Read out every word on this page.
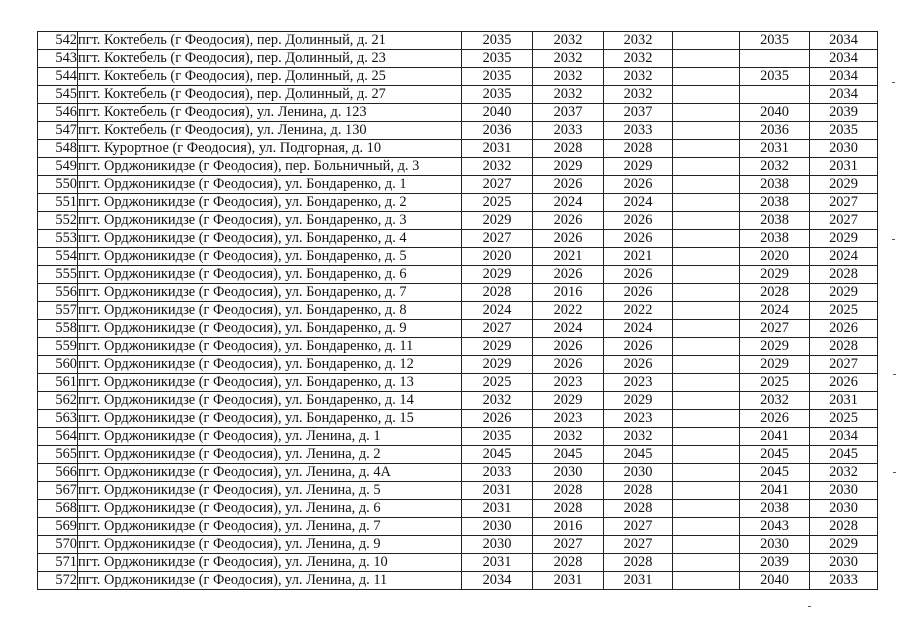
542	пгт. Коктебель (г Феодосия), пер. Долинный, д. 21	2035	2032	2032		2035	2034
543	пгт. Коктебель (г Феодосия), пер. Долинный, д. 23	2035	2032	2032			2034
544	пгт. Коктебель (г Феодосия), пер. Долинный, д. 25	2035	2032	2032		2035	2034
545	пгт. Коктебель (г Феодосия), пер. Долинный, д. 27	2035	2032	2032			2034
546	пгт. Коктебель (г Феодосия), ул. Ленина, д. 123	2040	2037	2037		2040	2039
547	пгт. Коктебель (г Феодосия), ул. Ленина, д. 130	2036	2033	2033		2036	2035
548	пгт. Курортное (г Феодосия), ул. Подгорная, д. 10	2031	2028	2028		2031	2030
549	пгт. Орджоникидзе (г Феодосия), пер. Больничный, д. 3	2032	2029	2029		2032	2031
550	пгт. Орджоникидзе (г Феодосия), ул. Бондаренко, д. 1	2027	2026	2026		2038	2029
551	пгт. Орджоникидзе (г Феодосия), ул. Бондаренко, д. 2	2025	2024	2024		2038	2027
552	пгт. Орджоникидзе (г Феодосия), ул. Бондаренко, д. 3	2029	2026	2026		2038	2027
553	пгт. Орджоникидзе (г Феодосия), ул. Бондаренко, д. 4	2027	2026	2026		2038	2029
554	пгт. Орджоникидзе (г Феодосия), ул. Бондаренко, д. 5	2020	2021	2021		2020	2024
555	пгт. Орджоникидзе (г Феодосия), ул. Бондаренко, д. 6	2029	2026	2026		2029	2028
556	пгт. Орджоникидзе (г Феодосия), ул. Бондаренко, д. 7	2028	2016	2026		2028	2029
557	пгт. Орджоникидзе (г Феодосия), ул. Бондаренко, д. 8	2024	2022	2022		2024	2025
558	пгт. Орджоникидзе (г Феодосия), ул. Бондаренко, д. 9	2027	2024	2024		2027	2026
559	пгт. Орджоникидзе (г Феодосия), ул. Бондаренко, д. 11	2029	2026	2026		2029	2028
560	пгт. Орджоникидзе (г Феодосия), ул. Бондаренко, д. 12	2029	2026	2026		2029	2027
561	пгт. Орджоникидзе (г Феодосия), ул. Бондаренко, д. 13	2025	2023	2023		2025	2026
562	пгт. Орджоникидзе (г Феодосия), ул. Бондаренко, д. 14	2032	2029	2029		2032	2031
563	пгт. Орджоникидзе (г Феодосия), ул. Бондаренко, д. 15	2026	2023	2023		2026	2025
564	пгт. Орджоникидзе (г Феодосия), ул. Ленина, д. 1	2035	2032	2032		2041	2034
565	пгт. Орджоникидзе (г Феодосия), ул. Ленина, д. 2	2045	2045	2045		2045	2045
566	пгт. Орджоникидзе (г Феодосия), ул. Ленина, д. 4А	2033	2030	2030		2045	2032
567	пгт. Орджоникидзе (г Феодосия), ул. Ленина, д. 5	2031	2028	2028		2041	2030
568	пгт. Орджоникидзе (г Феодосия), ул. Ленина, д. 6	2031	2028	2028		2038	2030
569	пгт. Орджоникидзе (г Феодосия), ул. Ленина, д. 7	2030	2016	2027		2043	2028
570	пгт. Орджоникидзе (г Феодосия), ул. Ленина, д. 9	2030	2027	2027		2030	2029
571	пгт. Орджоникидзе (г Феодосия), ул. Ленина, д. 10	2031	2028	2028		2039	2030
572	пгт. Орджоникидзе (г Феодосия), ул. Ленина, д. 11	2034	2031	2031		2040	2033
